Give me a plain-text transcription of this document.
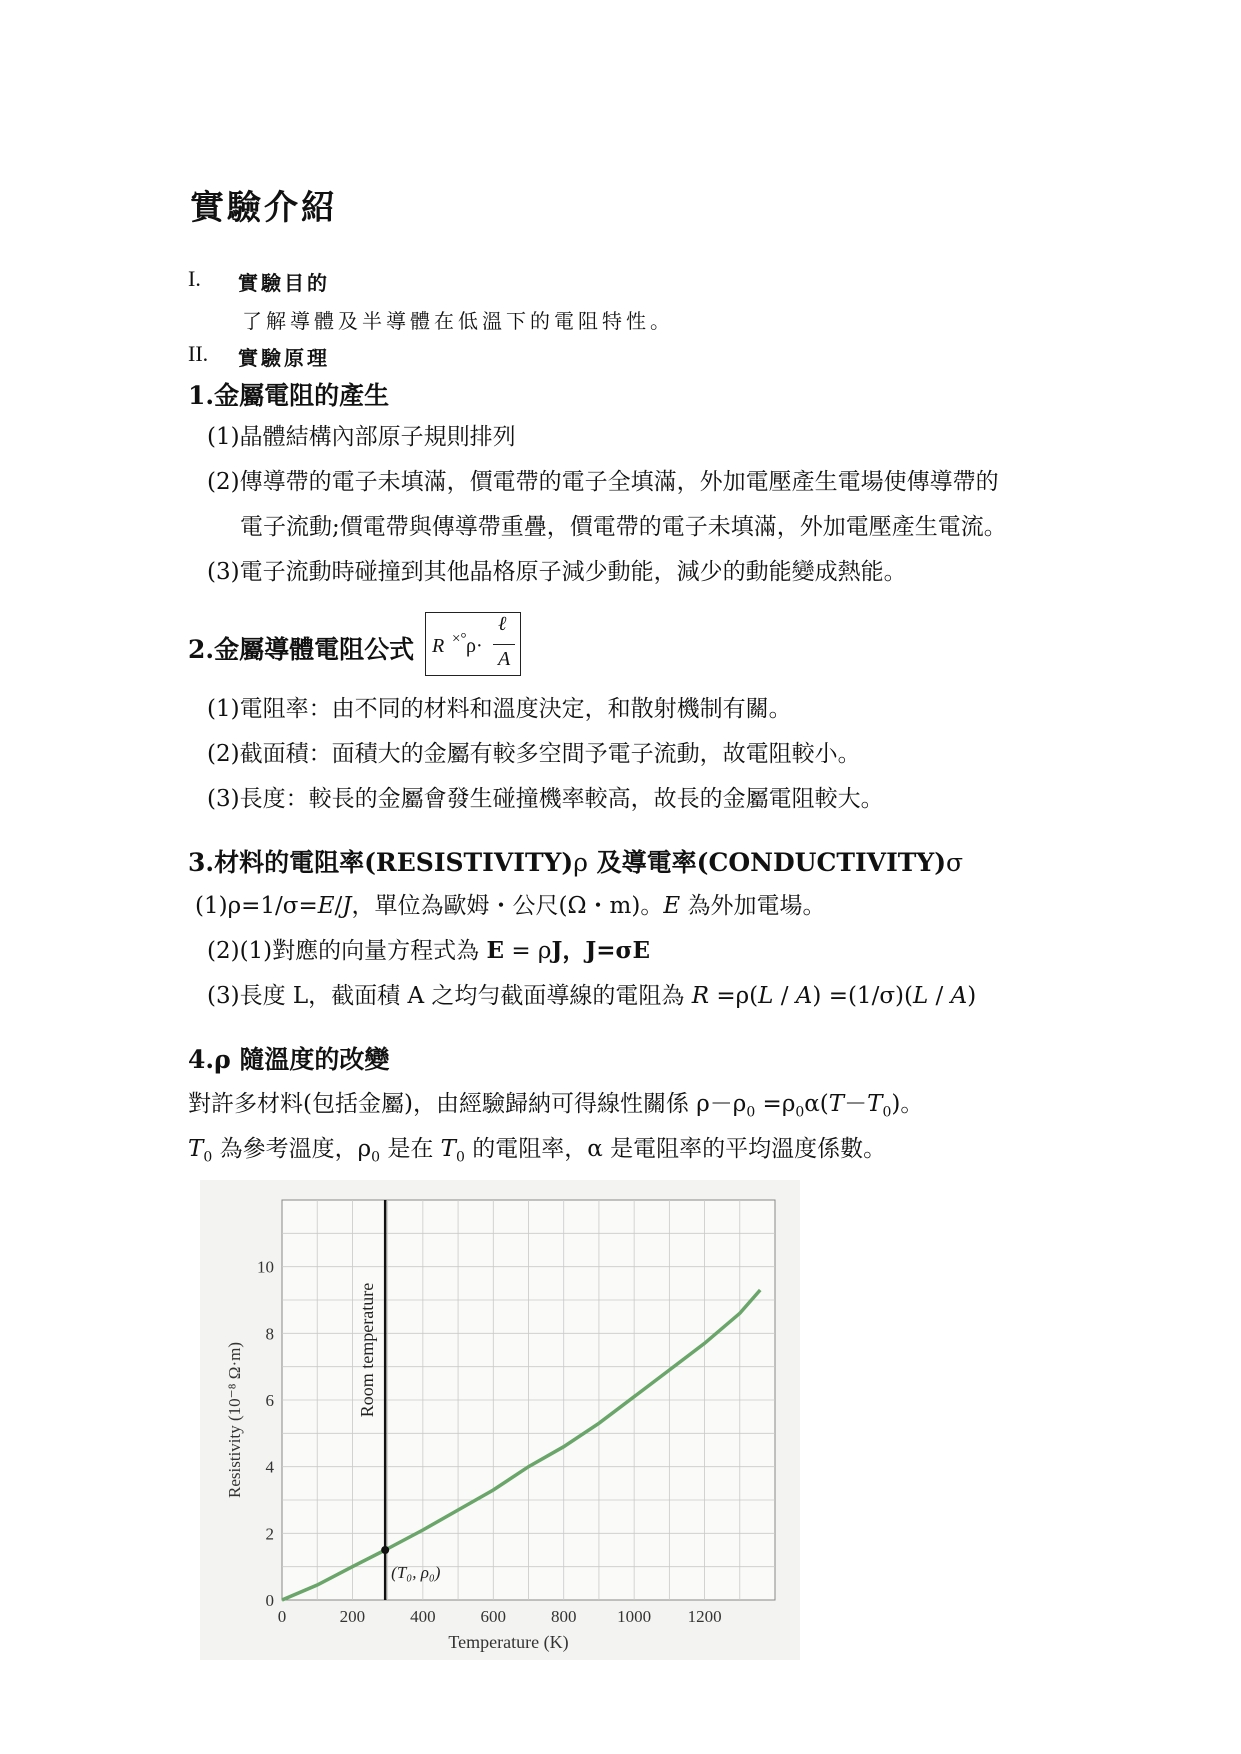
實驗介紹
I. 實驗目的
了解導體及半導體在低溫下的電阻特性。
II. 實驗原理
1.金屬電阻的產生
(1)晶體結構內部原子規則排列
(2)傳導帶的電子未填滿，價電帶的電子全填滿，外加電壓產生電場使傳導帶的
電子流動;價電帶與傳導帶重疊，價電帶的電子未填滿，外加電壓產生電流。
(3)電子流動時碰撞到其他晶格原子減少動能，減少的動能變成熱能。
2.金屬導體電阻公式 R ×° ρ·
ℓ
A
(1)電阻率：由不同的材料和溫度決定，和散射機制有關。
(2)截面積：面積大的金屬有較多空間予電子流動，故電阻較小。
(3)長度：較長的金屬會發生碰撞機率較高，故長的金屬電阻較大。
3.材料的電阻率(RESISTIVITY)ρ 及導電率(CONDUCTIVITY)σ
(1)ρ=1/σ=E/J，單位為歐姆・公尺(Ω・m)。E 為外加電場。
(2)(1)對應的向量方程式為 E = ρJ，J=σE
(3)長度 L，截面積 A 之均勻截面導線的電阻為 R =ρ(L / A) =(1/σ)(L / A)
4.ρ 隨溫度的改變
對許多材料(包括金屬)，由經驗歸納可得線性關係 $\rho-\rho_0 =\rho_0\alpha(T-T_0)$。
$T_0$ 為參考溫度，$\rho_0$ 是在 $T_0$ 的電阻率，α 是電阻率的平均溫度係數。
0	200	400	600	800 1000 1200
0
2
4
6
8
10
Temperature (K)
Resistivity (10⁻⁸ Ω·m)	Room temperature
(T₀, ρ₀)
